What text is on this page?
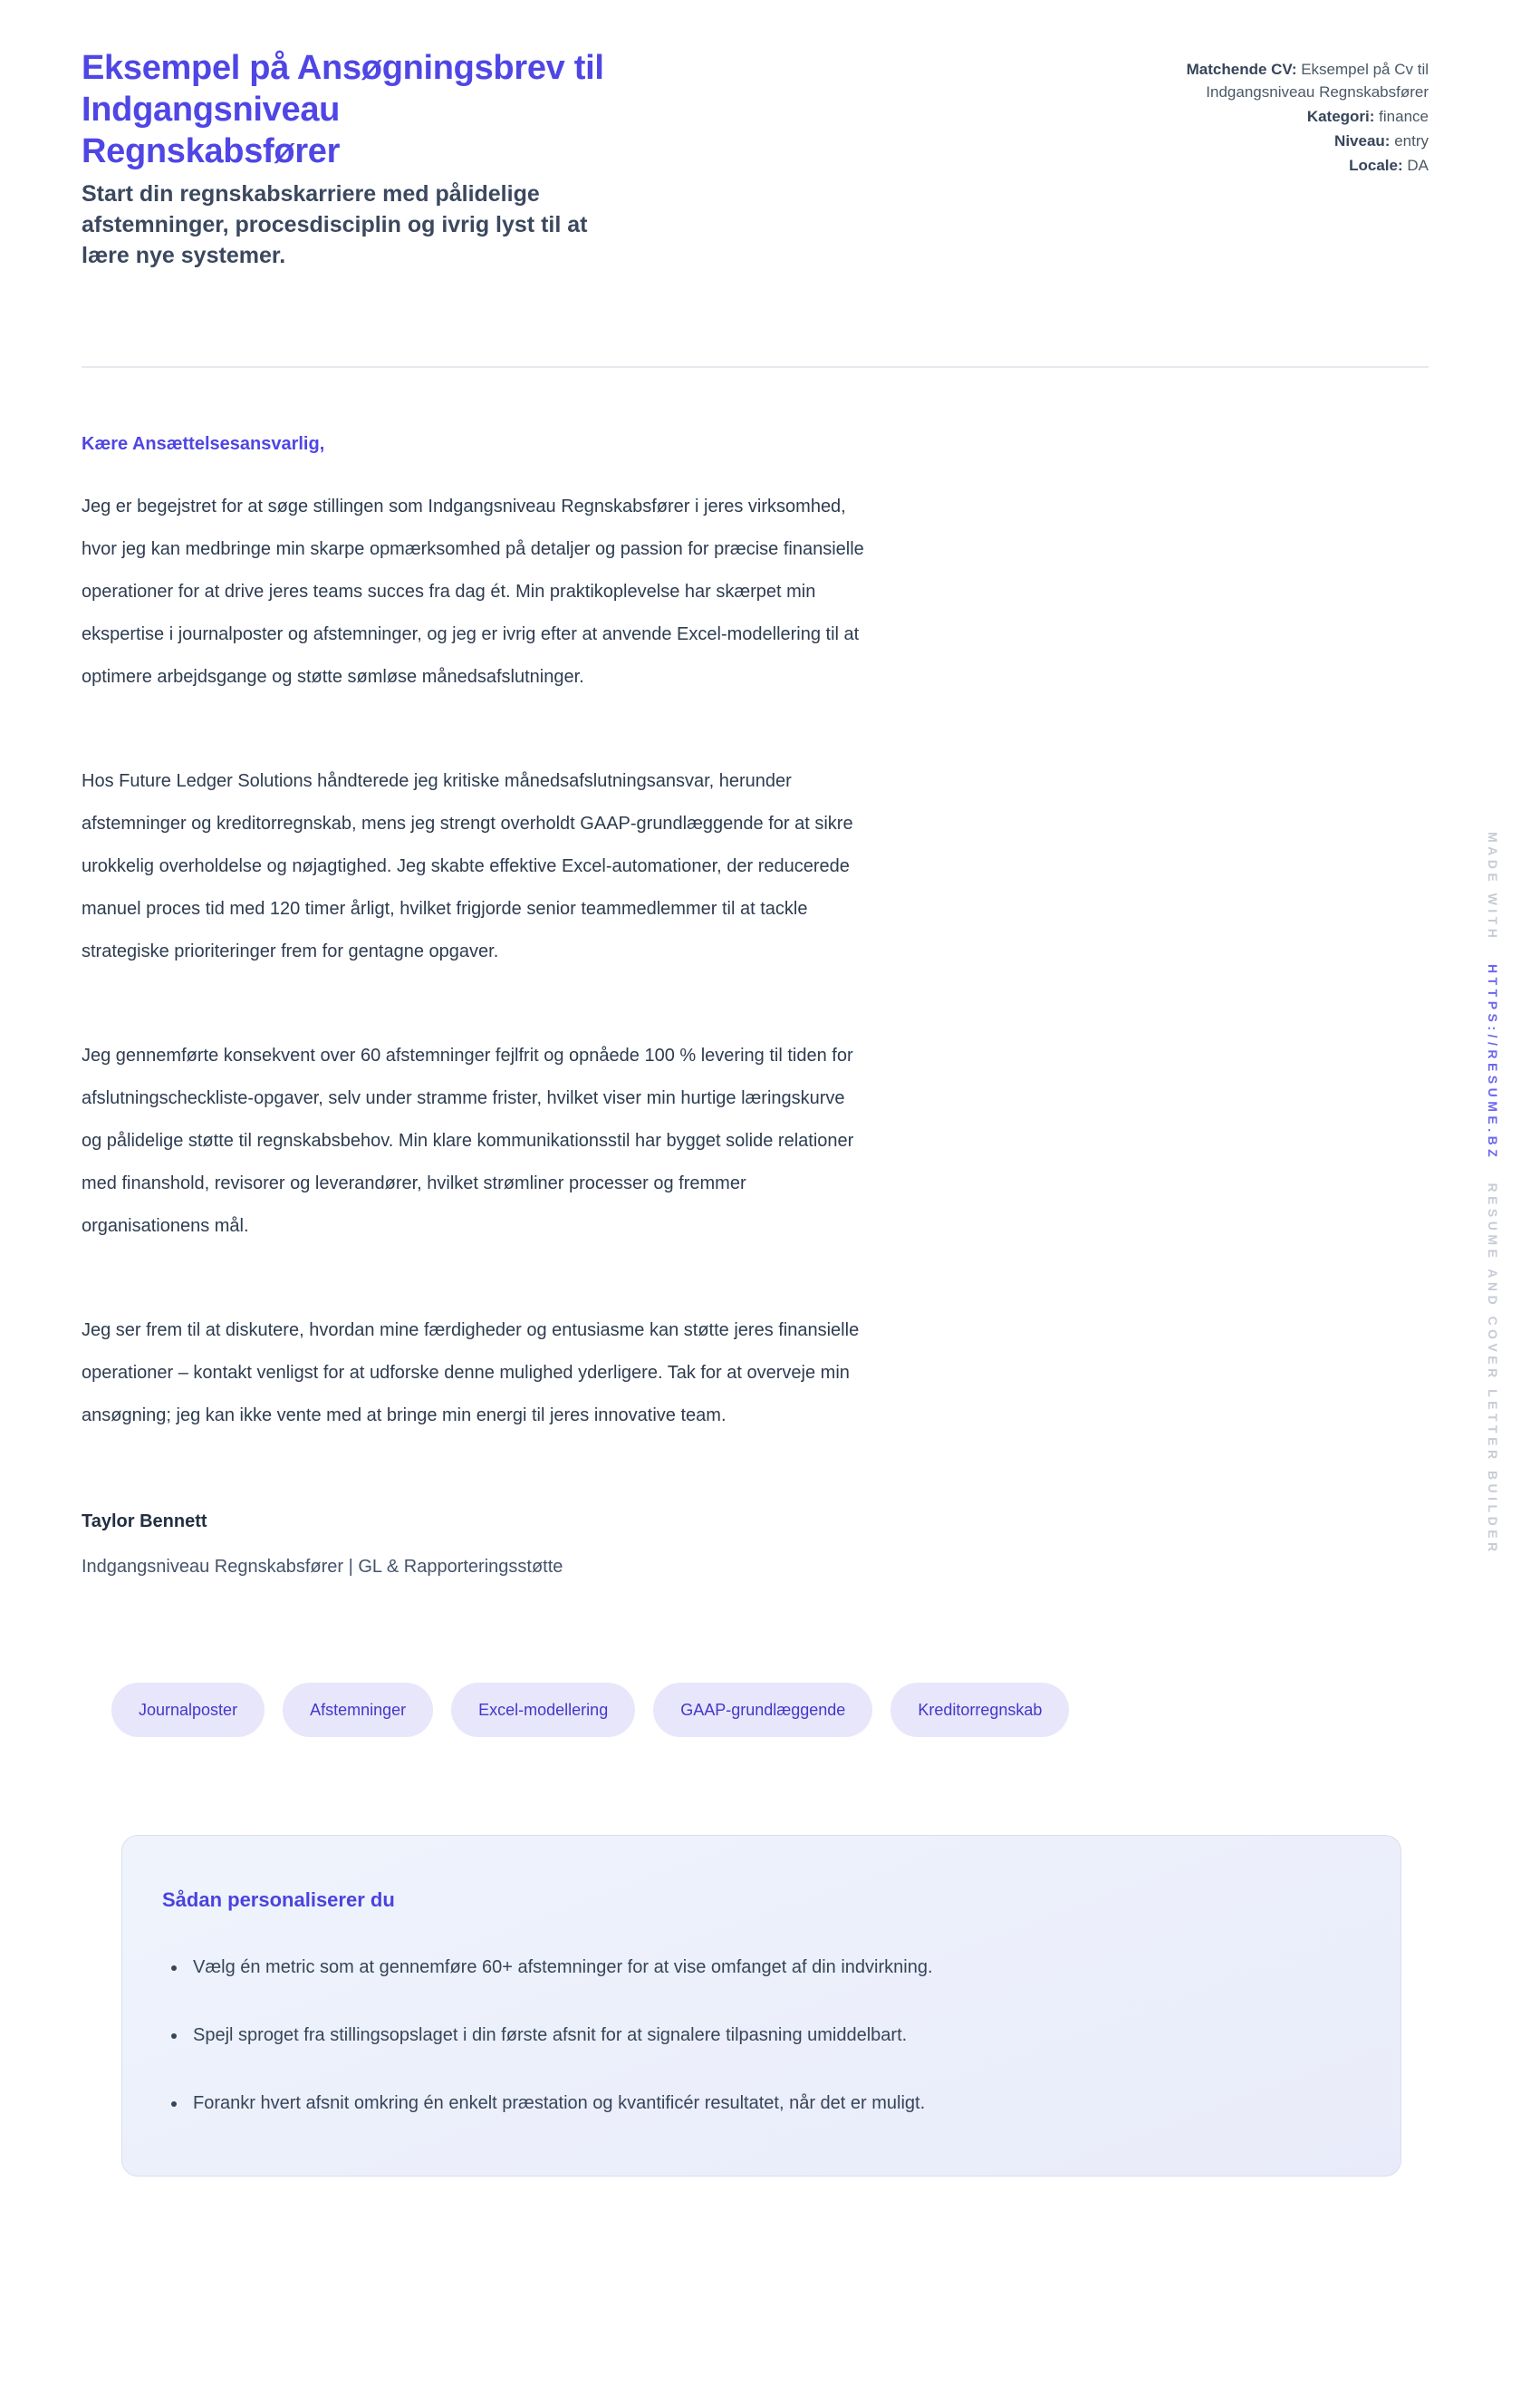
Eksempel på Ansøgningsbrev til Indgangsniveau Regnskabsfører

Start din regnskabskarriere med pålidelige afstemninger, procesdisciplin og ivrig lyst til at lære nye systemer.

Matchende CV: Eksempel på Cv til Indgangsniveau Regnskabsfører
Kategori: finance
Niveau: entry
Locale: DA

Kære Ansættelsesansvarlig,

Jeg er begejstret for at søge stillingen som Indgangsniveau Regnskabsfører i jeres virksomhed, hvor jeg kan medbringe min skarpe opmærksomhed på detaljer og passion for præcise finansielle operationer for at drive jeres teams succes fra dag ét. Min praktikoplevelse har skærpet min ekspertise i journalposter og afstemninger, og jeg er ivrig efter at anvende Excel-modellering til at optimere arbejdsgange og støtte sømløse månedsafslutninger.

Hos Future Ledger Solutions håndterede jeg kritiske månedsafslutningsansvar, herunder afstemninger og kreditorregnskab, mens jeg strengt overholdt GAAP-grundlæggende for at sikre urokkelig overholdelse og nøjagtighed. Jeg skabte effektive Excel-automationer, der reducerede manuel proces tid med 120 timer årligt, hvilket frigjorde senior teammedlemmer til at tackle strategiske prioriteringer frem for gentagne opgaver.

Jeg gennemførte konsekvent over 60 afstemninger fejlfrit og opnåede 100 % levering til tiden for afslutningscheckliste-opgaver, selv under stramme frister, hvilket viser min hurtige læringskurve og pålidelige støtte til regnskabsbehov. Min klare kommunikationsstil har bygget solide relationer med finanshold, revisorer og leverandører, hvilket strømliner processer og fremmer organisationens mål.

Jeg ser frem til at diskutere, hvordan mine færdigheder og entusiasme kan støtte jeres finansielle operationer – kontakt venligst for at udforske denne mulighed yderligere. Tak for at overveje min ansøgning; jeg kan ikke vente med at bringe min energi til jeres innovative team.

Taylor Bennett

Indgangsniveau Regnskabsfører | GL & Rapporteringsstøtte

Journalposter	Afstemninger	Excel-modellering	GAAP-grundlæggende	Kreditorregnskab
Sådan personaliserer du
• Vælg én metric som at gennemføre 60+ afstemninger for at vise omfanget af din indvirkning.
• Spejl sproget fra stillingsopslaget i din første afsnit for at signalere tilpasning umiddelbart.
• Forankr hvert afsnit omkring én enkelt præstation og kvantificér resultatet, når det er muligt.
MADE WITH HTTPS://RESUME.BZ RESUME AND COVER LETTER BUILDER
